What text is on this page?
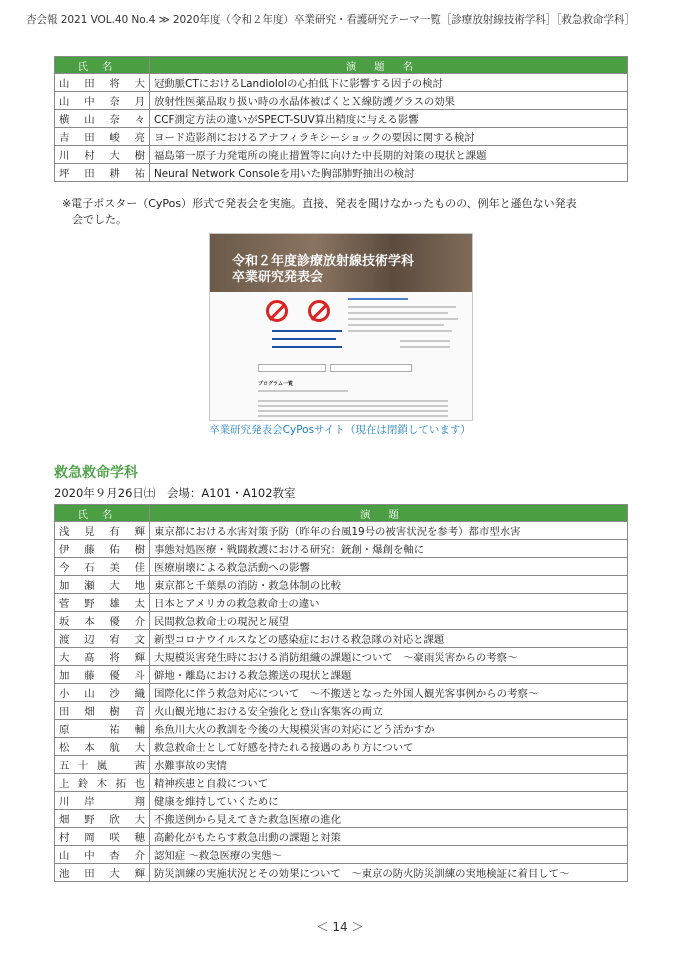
杏会報 2021 VOL.40 No.4 ≫ 2020年度（令和２年度）卒業研究・看護研究テーマ一覧［診療放射線技術学科］［救急救命学科］
氏名	演題名
山田将大	冠動脈CTにおけるLandiololの心拍低下に影響する因子の検討
山中奈月	放射性医薬品取り扱い時の水晶体被ばくとＸ線防護グラスの効果
横山奈々	CCF測定方法の違いがSPECT-SUV算出精度に与える影響
吉田峻亮	ヨード造影剤におけるアナフィラキシーショックの要因に関する検討
川村大樹	福島第一原子力発電所の廃止措置等に向けた中長期的対策の現状と課題
坪田耕祐	Neural Network Consoleを用いた胸部肺野抽出の検討
※電子ポスター（CyPos）形式で発表会を実施。直接、発表を聞けなかったものの、例年と遜色ない発表
会でした。
令和２年度診療放射線技術学科
卒業研究発表会
プログラム一覧
卒業研究発表会CyPosサイト（現在は閉鎖しています）
救急救命学科
2020年９月26日㈯　会場：A101・A102教室
氏名	演題
浅見有輝	東京都における水害対策予防（昨年の台風19号の被害状況を参考）都市型水害
伊藤佑樹	事態対処医療・戦闘救護における研究：銃創・爆創を軸に
今石美佳	医療崩壊による救急活動への影響
加瀬大地	東京都と千葉県の消防・救急体制の比較
菅野雄太	日本とアメリカの救急救命士の違い
坂本優介	民間救急救命士の現況と展望
渡辺宥文	新型コロナウイルスなどの感染症における救急隊の対応と課題
大髙将輝	大規模災害発生時における消防組織の課題について　～豪雨災害からの考察～
加藤優斗	僻地・離島における救急搬送の現状と課題
小山沙織	国際化に伴う救急対応について　～不搬送となった外国人観光客事例からの考察～
田畑樹音	火山観光地における安全強化と登山客集客の両立
原　祐輔	糸魚川大火の教訓を今後の大規模災害の対応にどう活かすか
松本航大	救急救命士として好感を持たれる接遇のあり方について
五十嵐　茜	水難事故の実情
上鈴木拓也	精神疾患と自殺について
川岸　翔	健康を維持していくために
畑野欣大	不搬送例から見えてきた救急医療の進化
村岡咲穂	高齢化がもたらす救急出動の課題と対策
山中杏介	認知症 ～救急医療の実態～
池田大輝	防災訓練の実施状況とその効果について　～東京の防火防災訓練の実地検証に着目して～
＜ 14 ＞
